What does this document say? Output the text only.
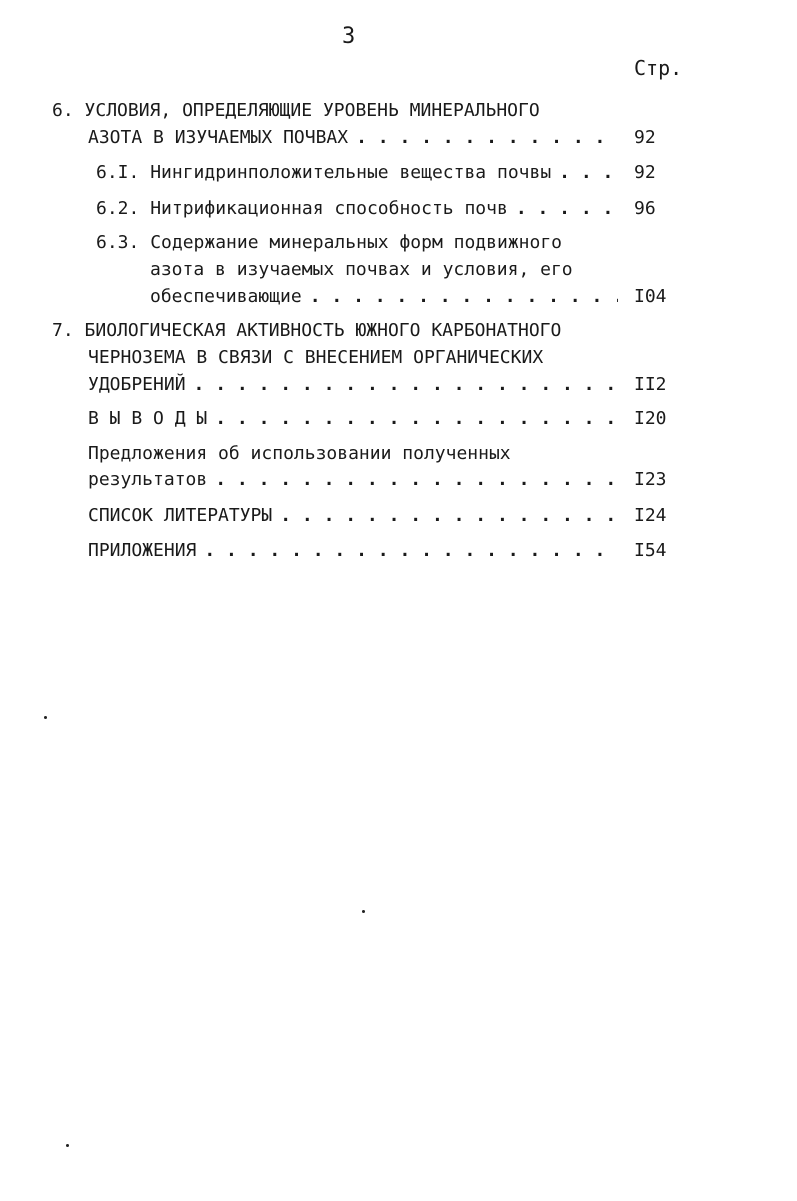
3
Стр.
6. УСЛОВИЯ, ОПРЕДЕЛЯЮЩИЕ УРОВЕНЬ МИНЕРАЛЬНОГО
АЗОТА В ИЗУЧАЕМЫХ ПОЧВАХ . . .	92
6.I.
Нингидринположительные вещества почвы . . .	92
6.2.
Нитрификационная способность почв . . .	96
6.3. Содержание минеральных форм подвижного
азота в изучаемых почвах и условия, его
обеспечивающие . . .	I04
7. БИОЛОГИЧЕСКАЯ АКТИВНОСТЬ ЮЖНОГО КАРБОНАТНОГО
ЧЕРНОЗЕМА В СВЯЗИ С ВНЕСЕНИЕМ ОРГАНИЧЕСКИХ
УДОБРЕНИЙ . . .	II2
В Ы В О Д Ы . . .	I20
Предложения об использовании полученных
результатов . . .	I23
СПИСОК ЛИТЕРАТУРЫ . . .	I24
ПРИЛОЖЕНИЯ . . .	I54
